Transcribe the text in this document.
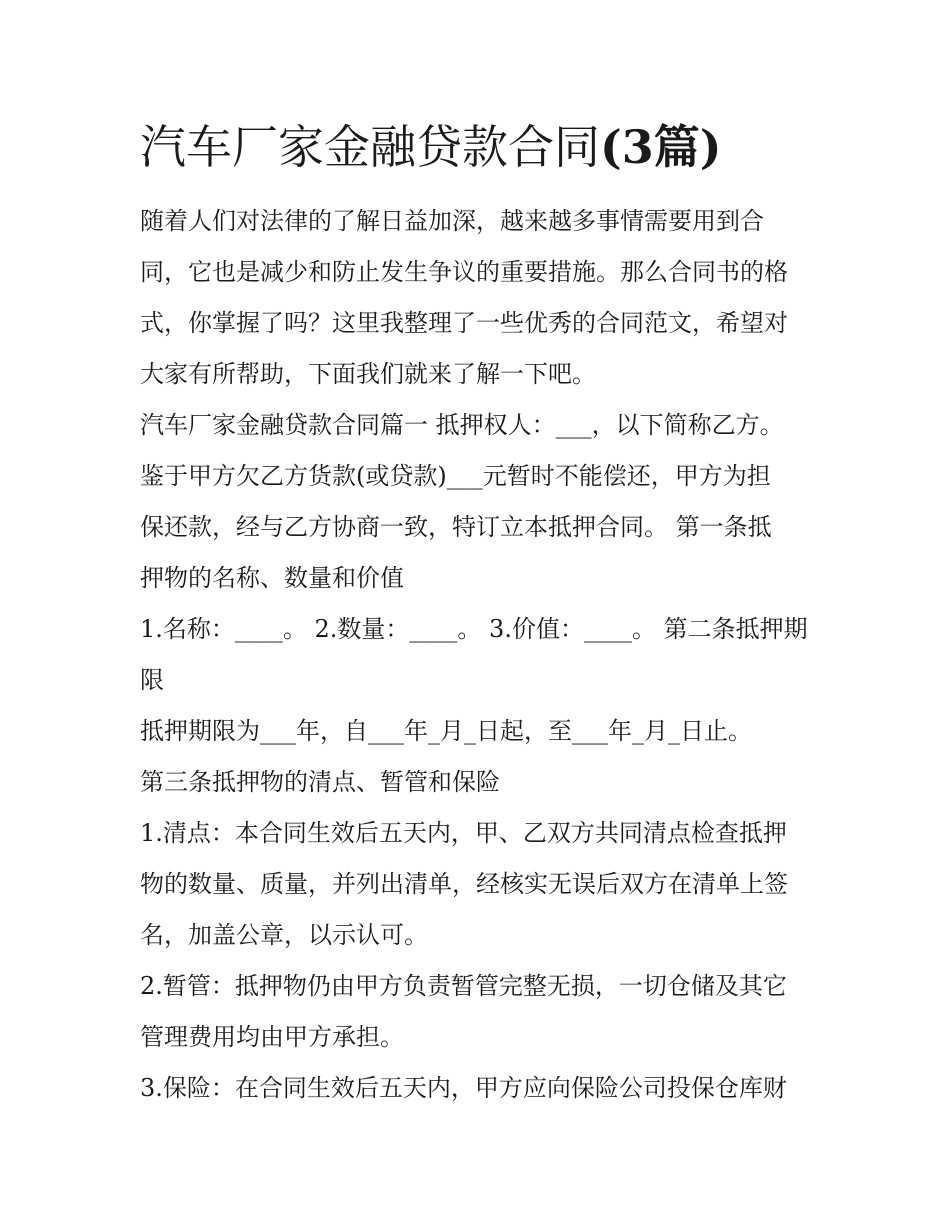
汽车厂家金融贷款合同(3篇)
随着人们对法律的了解日益加深，越来越多事情需要用到合
同，它也是减少和防止发生争议的重要措施。那么合同书的格
式，你掌握了吗？这里我整理了一些优秀的合同范文，希望对
大家有所帮助，下面我们就来了解一下吧。
汽车厂家金融贷款合同篇一 抵押权人：___，以下简称乙方。
鉴于甲方欠乙方货款(或贷款)___元暂时不能偿还，甲方为担
保还款，经与乙方协商一致，特订立本抵押合同。 第一条抵
押物的名称、数量和价值
1.名称：____。 2.数量：____。 3.价值：____。 第二条抵押期
限
抵押期限为___年，自___年_月_日起，至___年_月_日止。
第三条抵押物的清点、暂管和保险
1.清点：本合同生效后五天内，甲、乙双方共同清点检查抵押
物的数量、质量，并列出清单，经核实无误后双方在清单上签
名，加盖公章，以示认可。
2.暂管：抵押物仍由甲方负责暂管完整无损，一切仓储及其它
管理费用均由甲方承担。
3.保险：在合同生效后五天内，甲方应向保险公司投保仓库财
